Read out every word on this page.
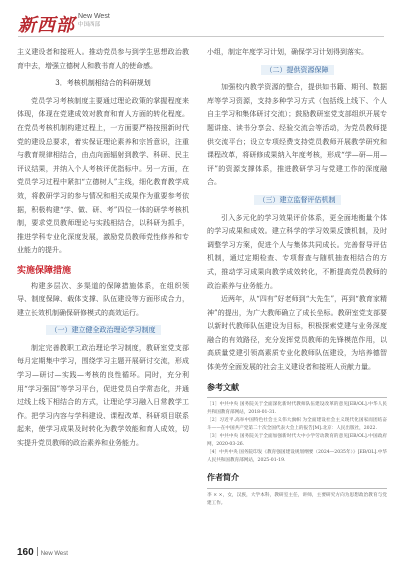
新西部 New West
中国西部

主义建设者和接班人。推动党员参与到学生思想政治教育中去，增强立德树人和教书育人的使命感。

3．考核机制相结合的科研规划

党员学习考核制度主要通过理论政策的掌握程度来体现，体现在党建成效对教育和育人方面的转化程度。在党员考核机制构建过程上，一方面要严格按照新时代党的建设总要求，着实保证理论素养和宗旨意识，注重与教育规律相结合，由点向面辐射到教学、科研、民主评议结果，并纳入个人考核评优指标中。另一方面，在党员学习过程中紧扣“立德树人”主线，细化教育教学成效，将教研学习的参与情况和相关成果作为重要参考依据，积极构建“学、做、研、考”四位一体的研学考核机制，要求党员教师理论与实践相结合，以科研为抓手，推进学科专业化深度发展，激励党员教师党性修养和专业能力的提升。

实施保障措施

构建多层次、多渠道的保障措施体系，在组织领导、制度保障、载体支撑、队伍建设等方面形成合力，建立长效机制确保研修模式的高效运行。

（一）建立健全政治理论学习制度

制定完善教职工政治理论学习制度，教研室党支部每月定期集中学习，围绕学习主题开展研讨交流，形成学习—研讨—实践—考核的良性循环。同时，充分利用“学习强国”等学习平台，促进党员自学常态化，并通过线上线下相结合的方式，让理论学习融入日常教学工作。把学习内容与学科建设、课程改革、科研项目联系起来，使学习成果及时转化为教学效能和育人成效，切实提升党员教师的政治素养和业务能力。

小组，制定年度学习计划，确保学习计划得到落实。

（二）提供资源保障

加强校内教学资源的整合，提供如书籍、期刊、数据库等学习资源，支持多种学习方式（包括线上线下、个人自主学习和集体研讨交流）；鼓励教研室党支部组织开展专题讲座、读书分享会、经验交流会等活动，为党员教师提供交流平台；设立专项经费支持党员教师开展教学研究和课程改革，将研修成果纳入年度考核，形成“学—研—用—评”的资源支撑体系，推进教研学习与党建工作的深度融合。

（三）建立监督评估机制

引入多元化的学习效果评价体系，更全面地衡量个体的学习成果和成效。建立科学的学习效果反馈机制，及时调整学习方案，促进个人与集体共同成长。完善督导评估机制，通过定期检查、专项督查与随机抽查相结合的方式，推动学习成果向教学成效转化，不断提高党员教师的政治素养与业务能力。

近两年，从“四有”好老师到“大先生”，再到“教育家精神”的提出，为广大教师确立了成长坐标。教研室党支部要以新时代教师队伍建设为目标，积极探索党建与业务深度融合的有效路径，充分发挥党员教师的先锋模范作用，以高质量党建引领高素质专业化教师队伍建设，为培养德智体美劳全面发展的社会主义建设者和接班人贡献力量。

参考文献
［1］中共中央 国务院关于全面深化新时代教师队伍建设改革的意见[EB/OL].中华人民共和国教育部网站，2018-01-31.
［2］习近平.高举中国特色社会主义伟大旗帜 为全面建设社会主义现代化国家而团结奋斗——在中国共产党第二十次全国代表大会上的报告[M].北京：人民出版社，2022.
［3］中共中央 国务院关于全面加强新时代大中小学劳动教育的意见[EB/OL].中国政府网，2020-03-26.
［4］中共中央 国务院印发《教育强国建设规划纲要（2024—2035年）》[EB/OL].中华人民共和国教育部网站，2025-01-19.
作者简介
李 × ×，女，汉族，大学本科，教研室主任，讲师，主要研究方向为思想政治教育与党建工作。
160 New West
